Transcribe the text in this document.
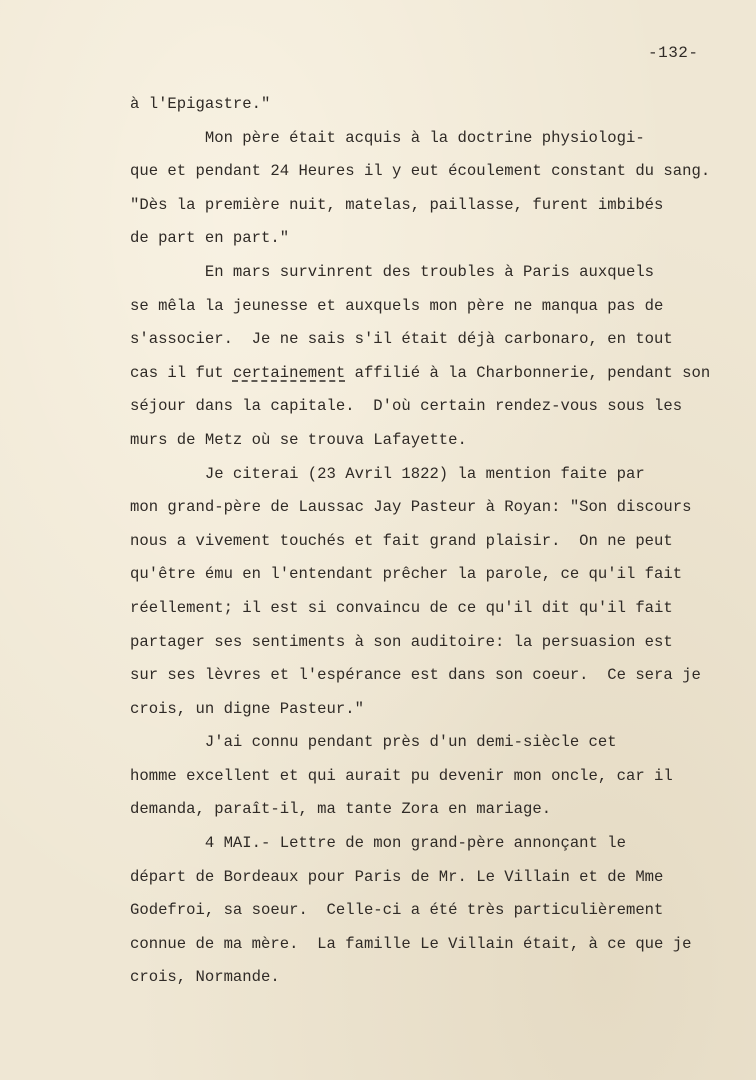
-132-
à l'Epigastre."
Mon père était acquis à la doctrine physiologi-
que et pendant 24 Heures il y eut écoulement constant du sang.
"Dès la première nuit, matelas, paillasse, furent imbibés
de part en part."
En mars survinrent des troubles à Paris auxquels
se mêla la jeunesse et auxquels mon père ne manqua pas de
s'associer.  Je ne sais s'il était déjà carbonaro, en tout
cas il fut certainement affilié à la Charbonnerie, pendant son
séjour dans la capitale.  D'où certain rendez-vous sous les
murs de Metz où se trouva Lafayette.
Je citerai (23 Avril 1822) la mention faite par
mon grand-père de Laussac Jay Pasteur à Royan: "Son discours
nous a vivement touchés et fait grand plaisir.  On ne peut
qu'être ému en l'entendant prêcher la parole, ce qu'il fait
réellement; il est si convaincu de ce qu'il dit qu'il fait
partager ses sentiments à son auditoire: la persuasion est
sur ses lèvres et l'espérance est dans son coeur.  Ce sera je
crois, un digne Pasteur."
J'ai connu pendant près d'un demi-siècle cet
homme excellent et qui aurait pu devenir mon oncle, car il
demanda, paraît-il, ma tante Zora en mariage.
4 MAI.- Lettre de mon grand-père annonçant le
départ de Bordeaux pour Paris de Mr. Le Villain et de Mme
Godefroi, sa soeur.  Celle-ci a été très particulièrement
connue de ma mère.  La famille Le Villain était, à ce que je
crois, Normande.
